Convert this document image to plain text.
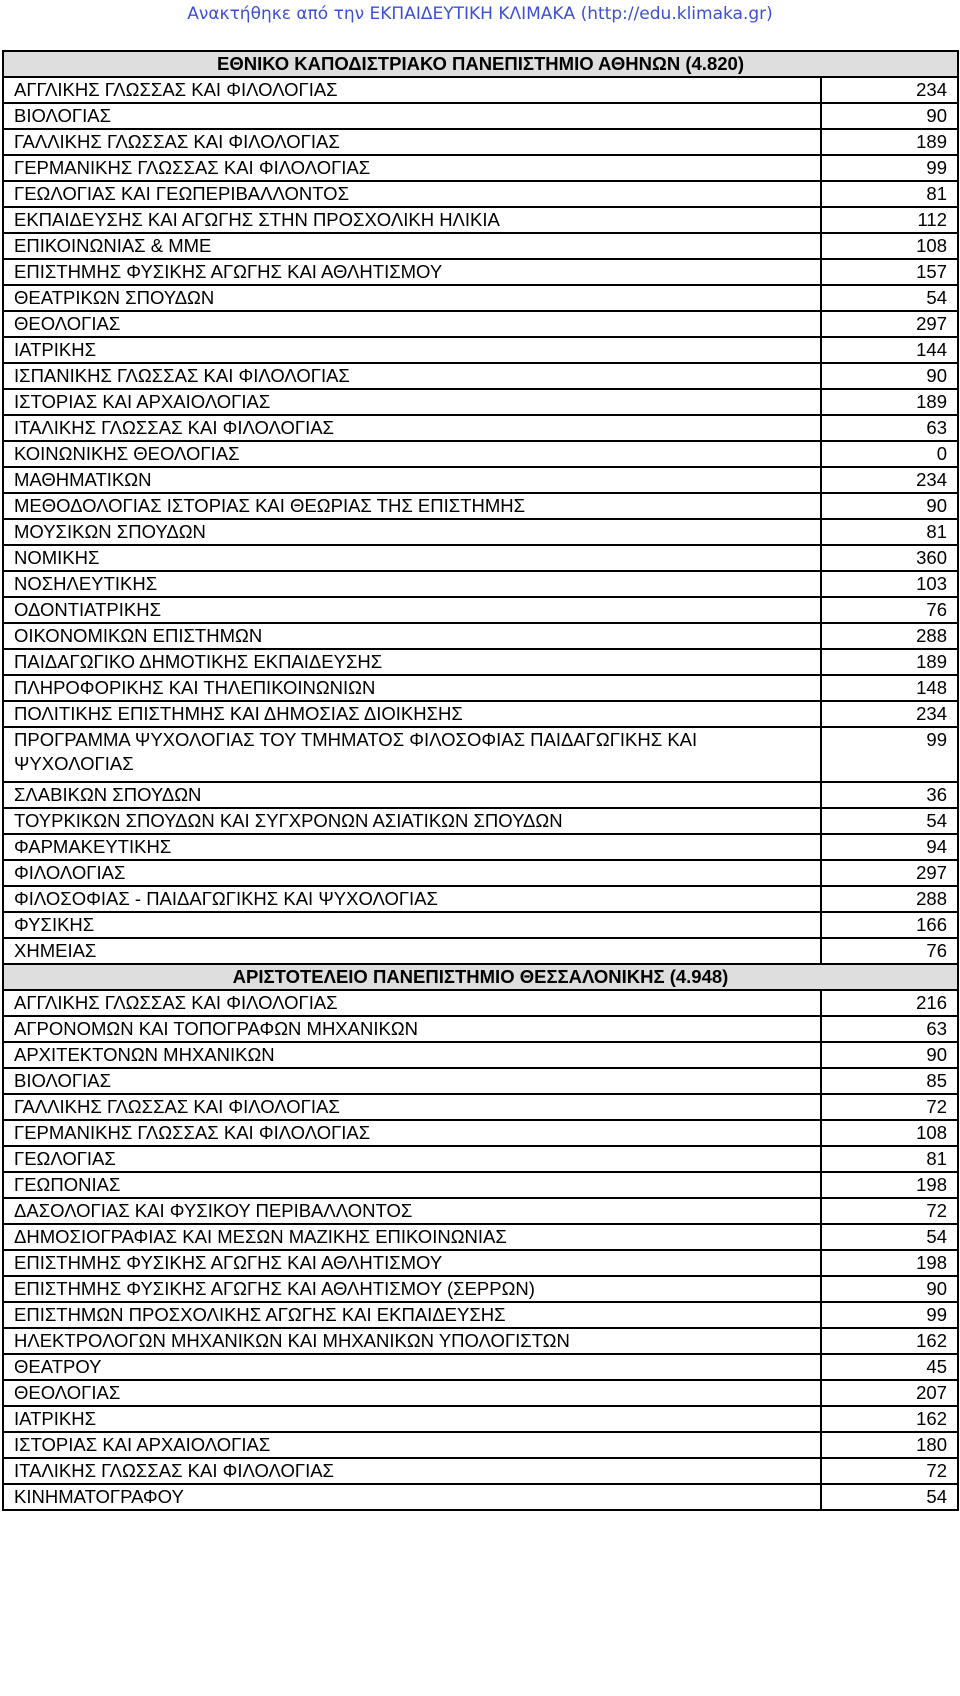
Ανακτήθηκε από την ΕΚΠΑΙΔΕΥΤΙΚΗ ΚΛΙΜΑΚΑ (http://edu.klimaka.gr)
ΕΘΝΙΚΟ ΚΑΠΟΔΙΣΤΡΙΑΚΟ ΠΑΝΕΠΙΣΤΗΜΙΟ ΑΘΗΝΩΝ (4.820)	
ΑΓΓΛΙΚΗΣ ΓΛΩΣΣΑΣ ΚΑΙ ΦΙΛΟΛΟΓΙΑΣ	234
ΒΙΟΛΟΓΙΑΣ	90
ΓΑΛΛΙΚΗΣ ΓΛΩΣΣΑΣ ΚΑΙ ΦΙΛΟΛΟΓΙΑΣ	189
ΓΕΡΜΑΝΙΚΗΣ ΓΛΩΣΣΑΣ ΚΑΙ ΦΙΛΟΛΟΓΙΑΣ	99
ΓΕΩΛΟΓΙΑΣ ΚΑΙ ΓΕΩΠΕΡΙΒΑΛΛΟΝΤΟΣ	81
ΕΚΠΑΙΔΕΥΣΗΣ ΚΑΙ ΑΓΩΓΗΣ ΣΤΗΝ ΠΡΟΣΧΟΛΙΚΗ ΗΛΙΚΙΑ	112
ΕΠΙΚΟΙΝΩΝΙΑΣ & ΜΜΕ	108
ΕΠΙΣΤΗΜΗΣ ΦΥΣΙΚΗΣ ΑΓΩΓΗΣ ΚΑΙ ΑΘΛΗΤΙΣΜΟΥ	157
ΘΕΑΤΡΙΚΩΝ ΣΠΟΥΔΩΝ	54
ΘΕΟΛΟΓΙΑΣ	297
ΙΑΤΡΙΚΗΣ	144
ΙΣΠΑΝΙΚΗΣ ΓΛΩΣΣΑΣ ΚΑΙ ΦΙΛΟΛΟΓΙΑΣ	90
ΙΣΤΟΡΙΑΣ ΚΑΙ ΑΡΧΑΙΟΛΟΓΙΑΣ	189
ΙΤΑΛΙΚΗΣ ΓΛΩΣΣΑΣ ΚΑΙ ΦΙΛΟΛΟΓΙΑΣ	63
ΚΟΙΝΩΝΙΚΗΣ ΘΕΟΛΟΓΙΑΣ	0
ΜΑΘΗΜΑΤΙΚΩΝ	234
ΜΕΘΟΔΟΛΟΓΙΑΣ ΙΣΤΟΡΙΑΣ ΚΑΙ ΘΕΩΡΙΑΣ ΤΗΣ ΕΠΙΣΤΗΜΗΣ	90
ΜΟΥΣΙΚΩΝ ΣΠΟΥΔΩΝ	81
ΝΟΜΙΚΗΣ	360
ΝΟΣΗΛΕΥΤΙΚΗΣ	103
ΟΔΟΝΤΙΑΤΡΙΚΗΣ	76
ΟΙΚΟΝΟΜΙΚΩΝ ΕΠΙΣΤΗΜΩΝ	288
ΠΑΙΔΑΓΩΓΙΚΟ ΔΗΜΟΤΙΚΗΣ ΕΚΠΑΙΔΕΥΣΗΣ	189
ΠΛΗΡΟΦΟΡΙΚΗΣ ΚΑΙ ΤΗΛΕΠΙΚΟΙΝΩΝΙΩΝ	148
ΠΟΛΙΤΙΚΗΣ ΕΠΙΣΤΗΜΗΣ ΚΑΙ ΔΗΜΟΣΙΑΣ ΔΙΟΙΚΗΣΗΣ	234
ΠΡΟΓΡΑΜΜΑ ΨΥΧΟΛΟΓΙΑΣ ΤΟΥ ΤΜΗΜΑΤΟΣ ΦΙΛΟΣΟΦΙΑΣ ΠΑΙΔΑΓΩΓΙΚΗΣ ΚΑΙ ΨΥΧΟΛΟΓΙΑΣ	99
ΣΛΑΒΙΚΩΝ ΣΠΟΥΔΩΝ	36
ΤΟΥΡΚΙΚΩΝ ΣΠΟΥΔΩΝ ΚΑΙ ΣΥΓΧΡΟΝΩΝ ΑΣΙΑΤΙΚΩΝ ΣΠΟΥΔΩΝ	54
ΦΑΡΜΑΚΕΥΤΙΚΗΣ	94
ΦΙΛΟΛΟΓΙΑΣ	297
ΦΙΛΟΣΟΦΙΑΣ - ΠΑΙΔΑΓΩΓΙΚΗΣ ΚΑΙ ΨΥΧΟΛΟΓΙΑΣ	288
ΦΥΣΙΚΗΣ	166
ΧΗΜΕΙΑΣ	76
ΑΡΙΣΤΟΤΕΛΕΙΟ ΠΑΝΕΠΙΣΤΗΜΙΟ ΘΕΣΣΑΛΟΝΙΚΗΣ (4.948)	
ΑΓΓΛΙΚΗΣ ΓΛΩΣΣΑΣ ΚΑΙ ΦΙΛΟΛΟΓΙΑΣ	216
ΑΓΡΟΝΟΜΩΝ ΚΑΙ ΤΟΠΟΓΡΑΦΩΝ ΜΗΧΑΝΙΚΩΝ	63
ΑΡΧΙΤΕΚΤΟΝΩΝ ΜΗΧΑΝΙΚΩΝ	90
ΒΙΟΛΟΓΙΑΣ	85
ΓΑΛΛΙΚΗΣ ΓΛΩΣΣΑΣ ΚΑΙ ΦΙΛΟΛΟΓΙΑΣ	72
ΓΕΡΜΑΝΙΚΗΣ ΓΛΩΣΣΑΣ ΚΑΙ ΦΙΛΟΛΟΓΙΑΣ	108
ΓΕΩΛΟΓΙΑΣ	81
ΓΕΩΠΟΝΙΑΣ	198
ΔΑΣΟΛΟΓΙΑΣ ΚΑΙ ΦΥΣΙΚΟΥ ΠΕΡΙΒΑΛΛΟΝΤΟΣ	72
ΔΗΜΟΣΙΟΓΡΑΦΙΑΣ ΚΑΙ ΜΕΣΩΝ ΜΑΖΙΚΗΣ ΕΠΙΚΟΙΝΩΝΙΑΣ	54
ΕΠΙΣΤΗΜΗΣ ΦΥΣΙΚΗΣ ΑΓΩΓΗΣ ΚΑΙ ΑΘΛΗΤΙΣΜΟΥ	198
ΕΠΙΣΤΗΜΗΣ ΦΥΣΙΚΗΣ ΑΓΩΓΗΣ ΚΑΙ ΑΘΛΗΤΙΣΜΟΥ (ΣΕΡΡΩΝ)	90
ΕΠΙΣΤΗΜΩΝ ΠΡΟΣΧΟΛΙΚΗΣ ΑΓΩΓΗΣ ΚΑΙ ΕΚΠΑΙΔΕΥΣΗΣ	99
ΗΛΕΚΤΡΟΛΟΓΩΝ ΜΗΧΑΝΙΚΩΝ ΚΑΙ ΜΗΧΑΝΙΚΩΝ ΥΠΟΛΟΓΙΣΤΩΝ	162
ΘΕΑΤΡΟΥ	45
ΘΕΟΛΟΓΙΑΣ	207
ΙΑΤΡΙΚΗΣ	162
ΙΣΤΟΡΙΑΣ ΚΑΙ ΑΡΧΑΙΟΛΟΓΙΑΣ	180
ΙΤΑΛΙΚΗΣ ΓΛΩΣΣΑΣ ΚΑΙ ΦΙΛΟΛΟΓΙΑΣ	72
ΚΙΝΗΜΑΤΟΓΡΑΦΟΥ	54
